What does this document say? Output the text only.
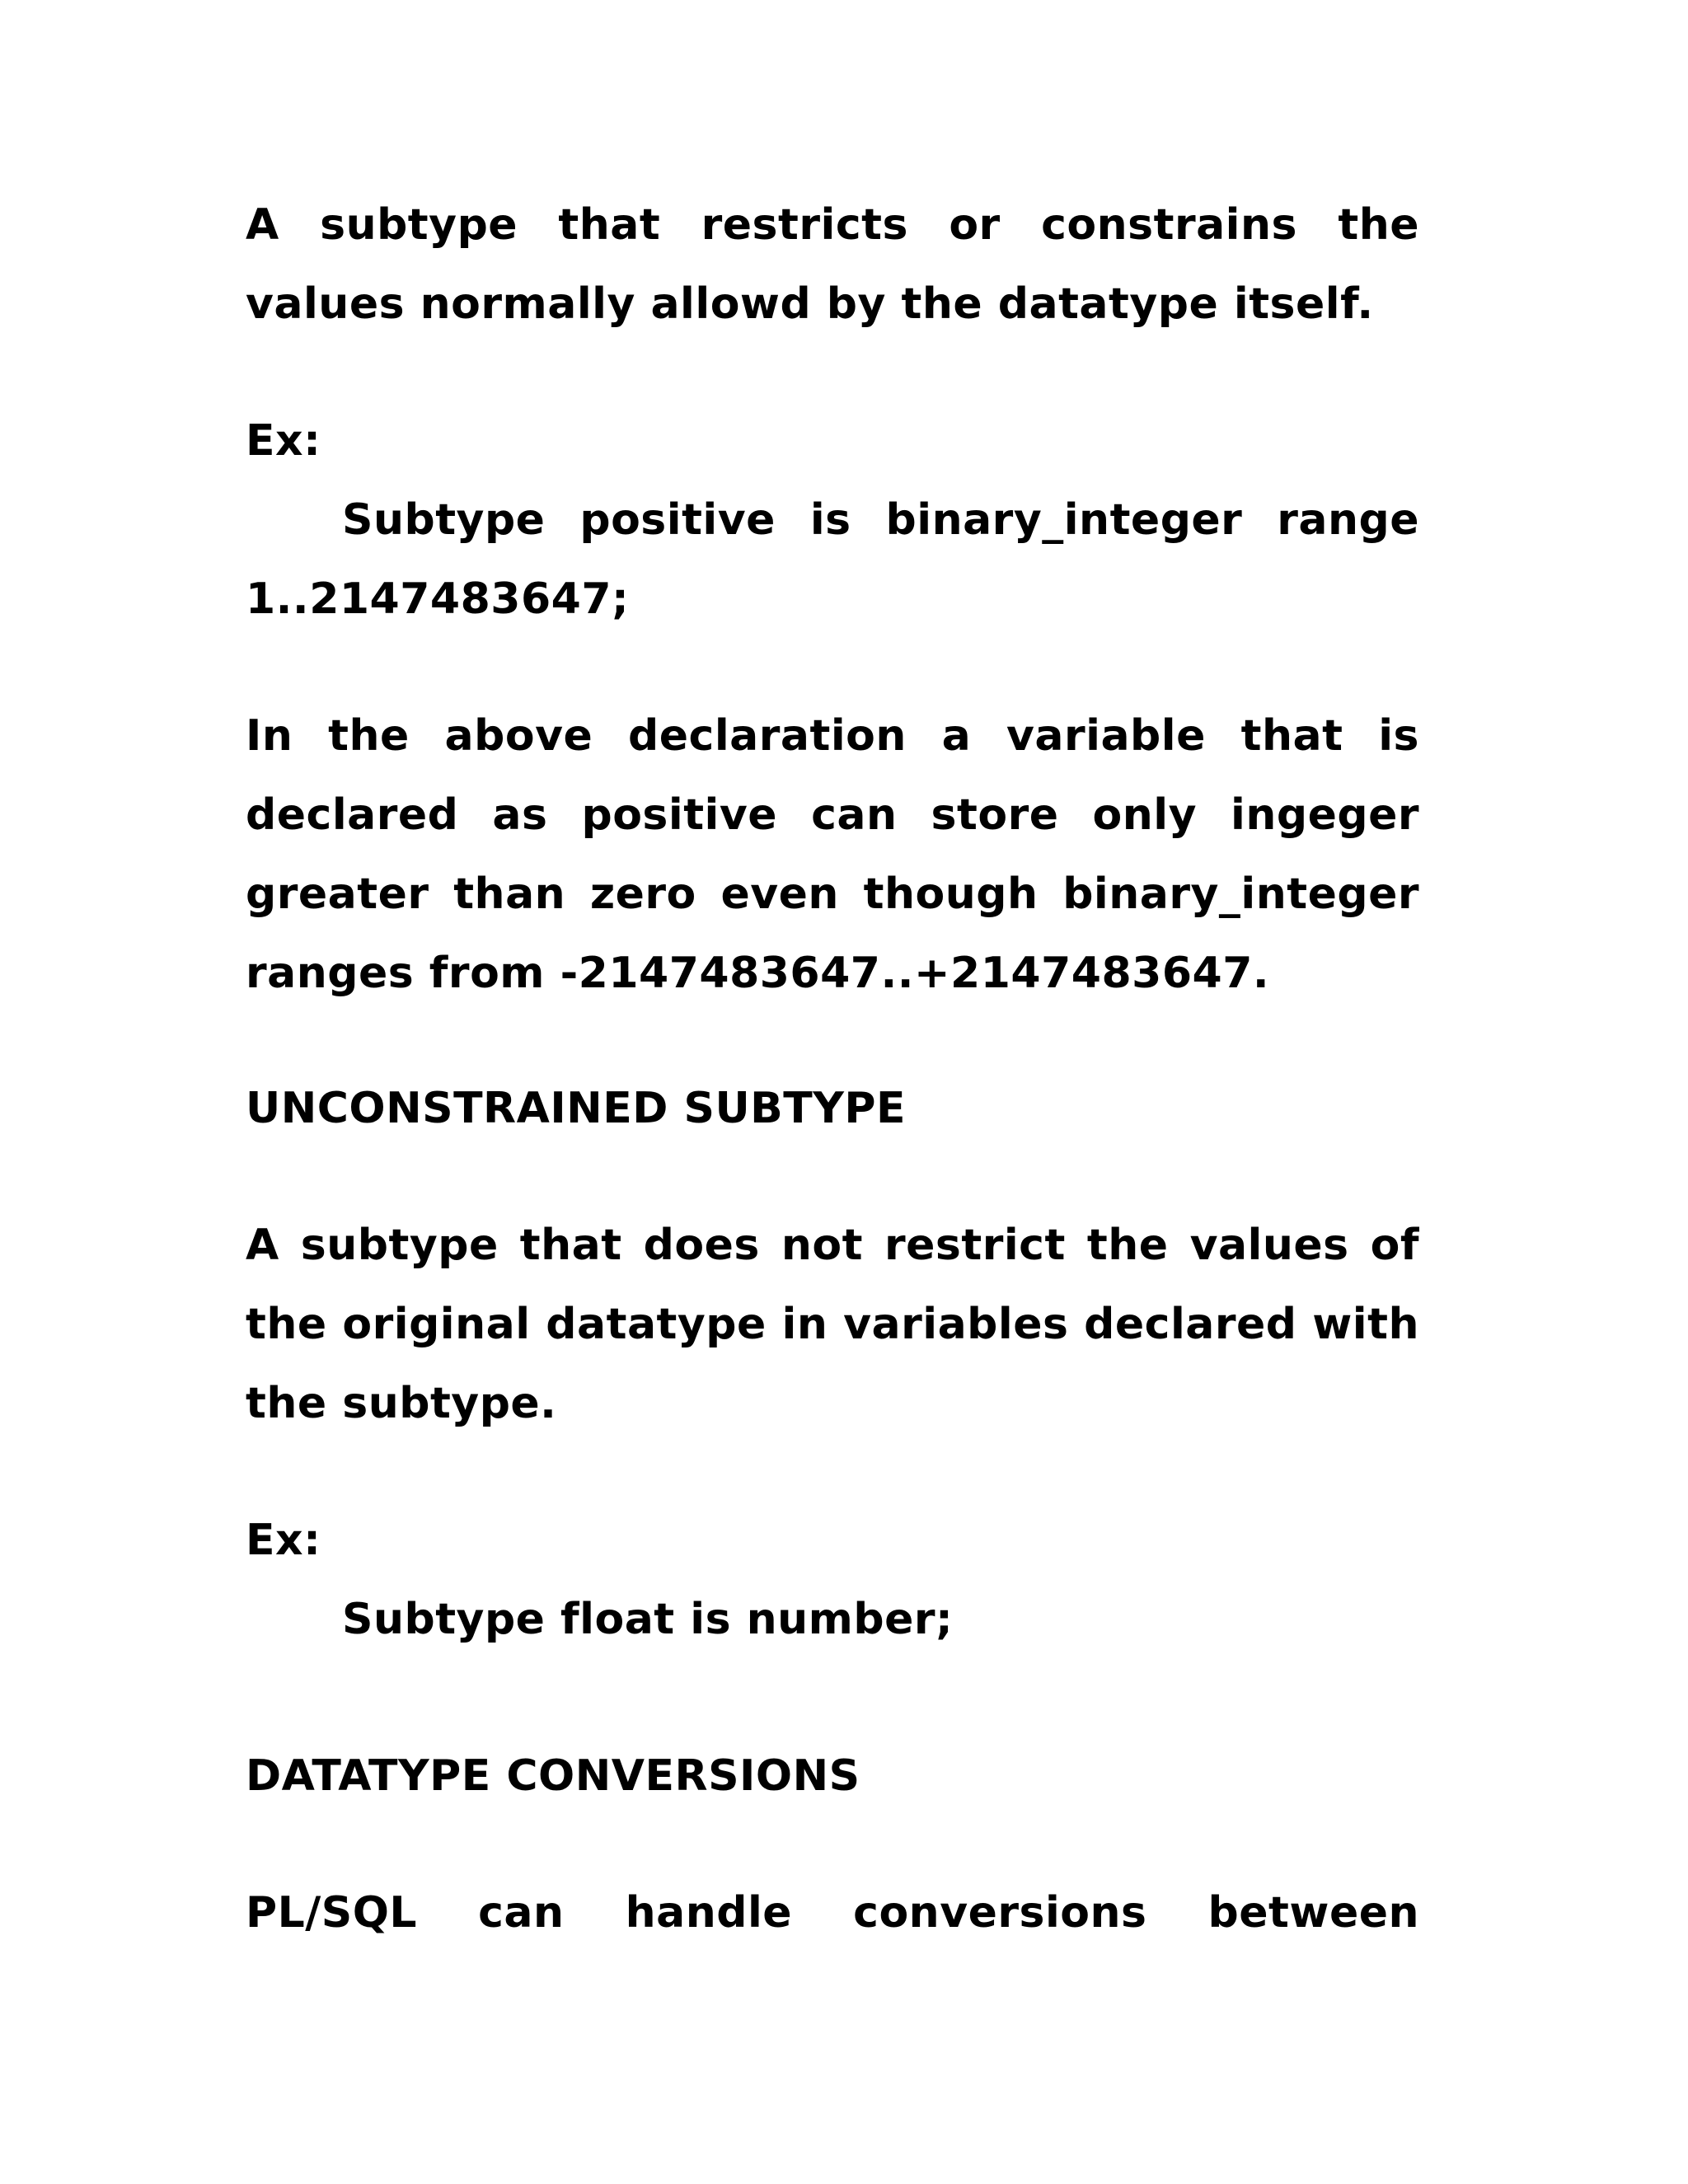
A subtype that restricts or constrains the
values normally allowd by the datatype itself.
Ex:
Subtype positive is binary_integer range
1..2147483647;
In the above declaration a variable that is
declared as positive can store only ingeger
greater than zero even though binary_integer
ranges from -2147483647..+2147483647.
UNCONSTRAINED SUBTYPE
A subtype that does not restrict the values of
the original datatype in variables declared with
the subtype.
Ex:
Subtype float is number;
DATATYPE CONVERSIONS
PL/SQL can handle conversions between
